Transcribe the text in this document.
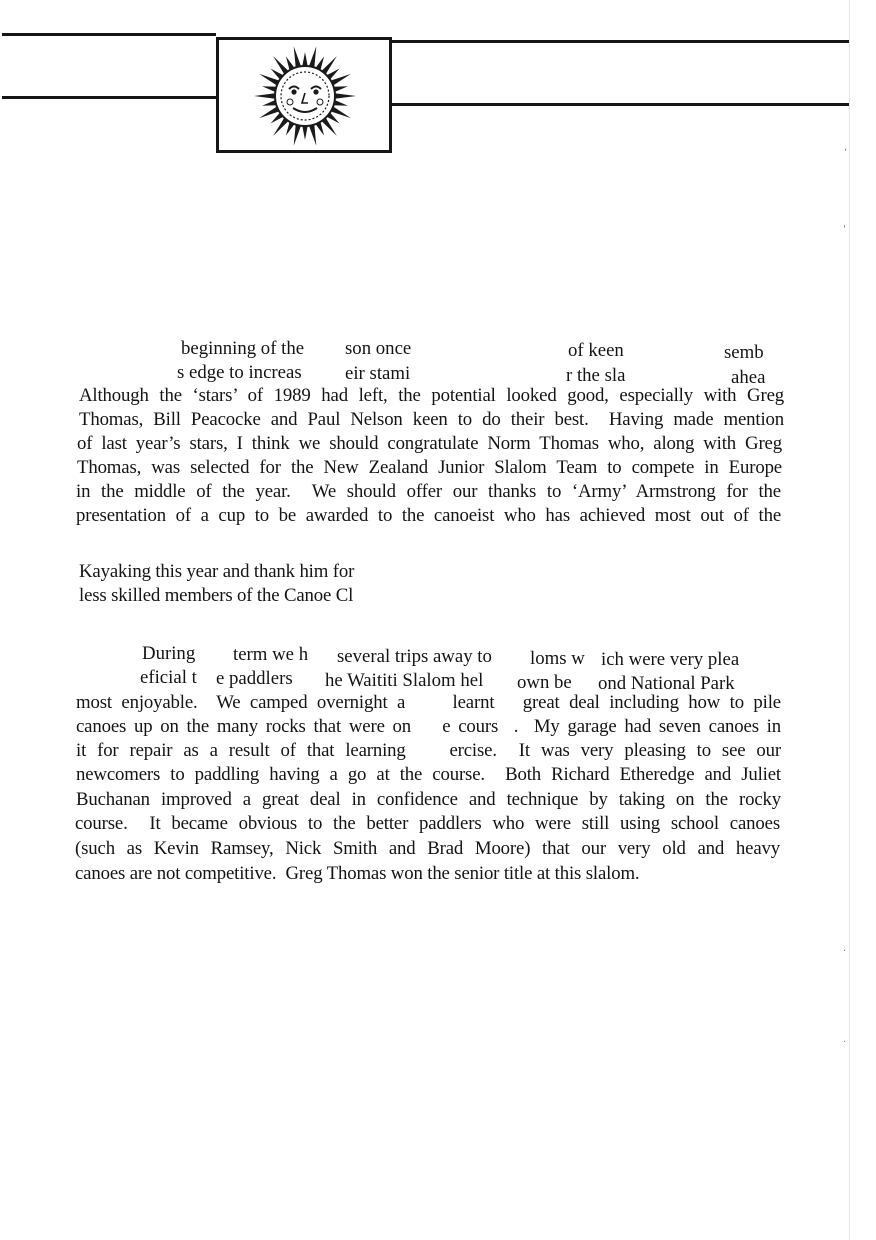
beginning of the son once	of keen	semb
s edge to increas eir stami	r the sla	ahea
Although the ‘stars’ of 1989 had left, the potential looked good, especially with Greg
Thomas, Bill Peacocke and Paul Nelson keen to do their best.  Having made mention
of last year’s stars, I think we should congratulate Norm Thomas who, along with Greg
Thomas, was selected for the New Zealand Junior Slalom Team to compete in Europe
in the middle of the year.  We should offer our thanks to ‘Army’ Armstrong for the
presentation of a cup to be awarded to the canoeist who has achieved most out of the
Kayaking this year and thank him for
less skilled members of the Canoe Cl
During term we h several trips away to loms w ich were very plea
eficial t e paddlers he Waititi Slalom hel own be ond National Park
most enjoyable.  We camped overnight a     learnt   great deal including how to pile
canoes up on the many rocks that were on    e cours  .  My garage had seven canoes in
it for repair as a result of that learning    ercise.  It was very pleasing to see our
newcomers to paddling having a go at the course.  Both Richard Etheredge and Juliet
Buchanan improved a great deal in confidence and technique by taking on the rocky
course.  It became obvious to the better paddlers who were still using school canoes
(such as Kevin Ramsey, Nick Smith and Brad Moore) that our very old and heavy
canoes are not competitive.  Greg Thomas won the senior title at this slalom.
,
'
·
·
